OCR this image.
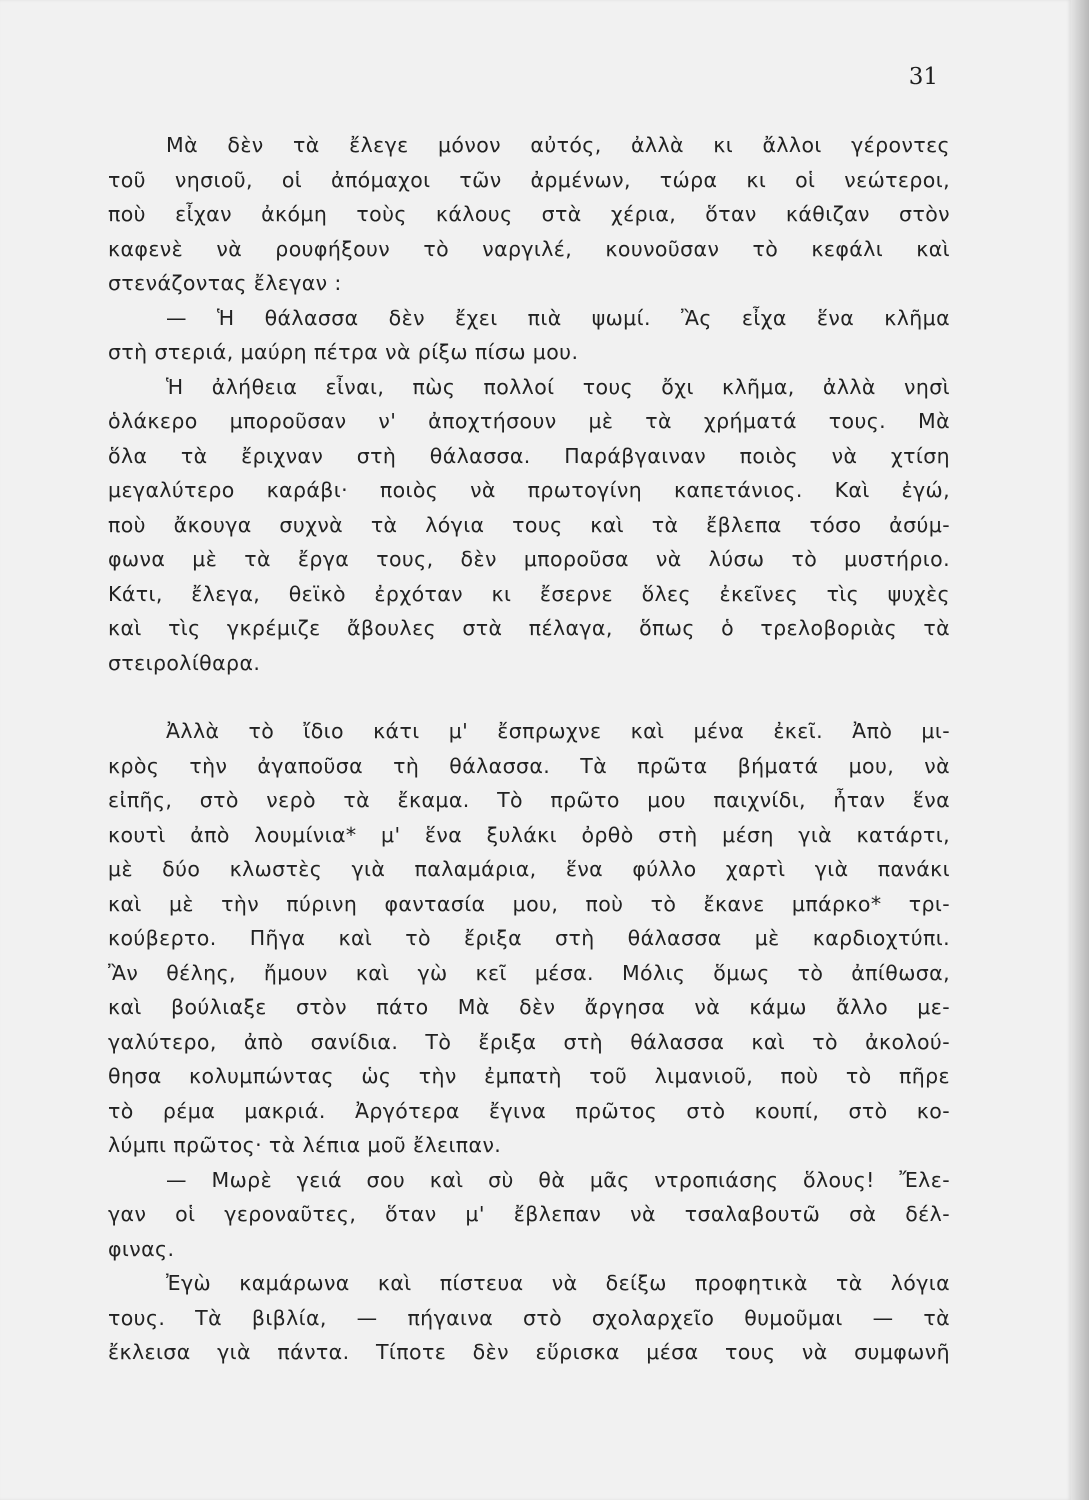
31
Μὰ δὲν τὰ ἔλεγε μόνον αὐτός, ἀλλὰ κι ἄλλοι γέροντες
τοῦ νησιοῦ, οἱ ἀπόμαχοι τῶν ἀρμένων, τώρα κι οἱ νεώτεροι,
ποὺ εἶχαν ἀκόμη τοὺς κάλους στὰ χέρια, ὅταν κάθιζαν στὸν
καφενὲ νὰ ρουφήξουν τὸ ναργιλέ, κουνοῦσαν τὸ κεφάλι καὶ
στενάζοντας ἔλεγαν :
— Ἡ θάλασσα δὲν ἔχει πιὰ ψωμί. Ἂς εἶχα ἕνα κλῆμα
στὴ στεριά, μαύρη πέτρα νὰ ρίξω πίσω μου.
Ἡ ἀλήθεια εἶναι, πὼς πολλοί τους ὄχι κλῆμα, ἀλλὰ νησὶ
ὁλάκερο μποροῦσαν ν' ἀποχτήσουν μὲ τὰ χρήματά τους. Μὰ
ὅλα τὰ ἔριχναν στὴ θάλασσα. Παράβγαιναν ποιὸς νὰ χτίση
μεγαλύτερο καράβι· ποιὸς νὰ πρωτογίνη καπετάνιος. Καὶ ἐγώ,
ποὺ ἄκουγα συχνὰ τὰ λόγια τους καὶ τὰ ἔβλεπα τόσο ἀσύμ-
φωνα μὲ τὰ ἔργα τους, δὲν μποροῦσα νὰ λύσω τὸ μυστήριο.
Κάτι, ἔλεγα, θεϊκὸ ἐρχόταν κι ἔσερνε ὅλες ἐκεῖνες τὶς ψυχὲς
καὶ τὶς γκρέμιζε ἄβουλες στὰ πέλαγα, ὅπως ὁ τρελοβοριὰς τὰ
στειρολίθαρα.
Ἀλλὰ τὸ ἴδιο κάτι μ' ἔσπρωχνε καὶ μένα ἐκεῖ. Ἀπὸ μι-
κρὸς τὴν ἀγαποῦσα τὴ θάλασσα. Τὰ πρῶτα βήματά μου, νὰ
εἰπῆς, στὸ νερὸ τὰ ἔκαμα. Τὸ πρῶτο μου παιχνίδι, ἦταν ἕνα
κουτὶ ἀπὸ λουμίνια* μ' ἕνα ξυλάκι ὀρθὸ στὴ μέση γιὰ κατάρτι,
μὲ δύο κλωστὲς γιὰ παλαμάρια, ἕνα φύλλο χαρτὶ γιὰ πανάκι
καὶ μὲ τὴν πύρινη φαντασία μου, ποὺ τὸ ἔκανε μπάρκο* τρι-
κούβερτο. Πῆγα καὶ τὸ ἔριξα στὴ θάλασσα μὲ καρδιοχτύπι.
Ἂν θέλης, ἤμουν καὶ γὼ κεῖ μέσα. Μόλις ὅμως τὸ ἀπίθωσα,
καὶ βούλιαξε στὸν πάτο Μὰ δὲν ἄργησα νὰ κάμω ἄλλο με-
γαλύτερο, ἀπὸ σανίδια. Τὸ ἔριξα στὴ θάλασσα καὶ τὸ ἀκολού-
θησα κολυμπώντας ὡς τὴν ἐμπατὴ τοῦ λιμανιοῦ, ποὺ τὸ πῆρε
τὸ ρέμα μακριά. Ἀργότερα ἔγινα πρῶτος στὸ κουπί, στὸ κο-
λύμπι πρῶτος· τὰ λέπια μοῦ ἔλειπαν.
— Μωρὲ γειά σου καὶ σὺ θὰ μᾶς ντροπιάσης ὅλους! Ἔλε-
γαν οἱ γεροναῦτες, ὅταν μ' ἔβλεπαν νὰ τσαλαβουτῶ σὰ δέλ-
φινας.
Ἐγὼ καμάρωνα καὶ πίστευα νὰ δείξω προφητικὰ τὰ λόγια
τους. Τὰ βιβλία, — πήγαινα στὸ σχολαρχεῖο θυμοῦμαι — τὰ
ἔκλεισα γιὰ πάντα. Τίποτε δὲν εὕρισκα μέσα τους νὰ συμφωνῆ
